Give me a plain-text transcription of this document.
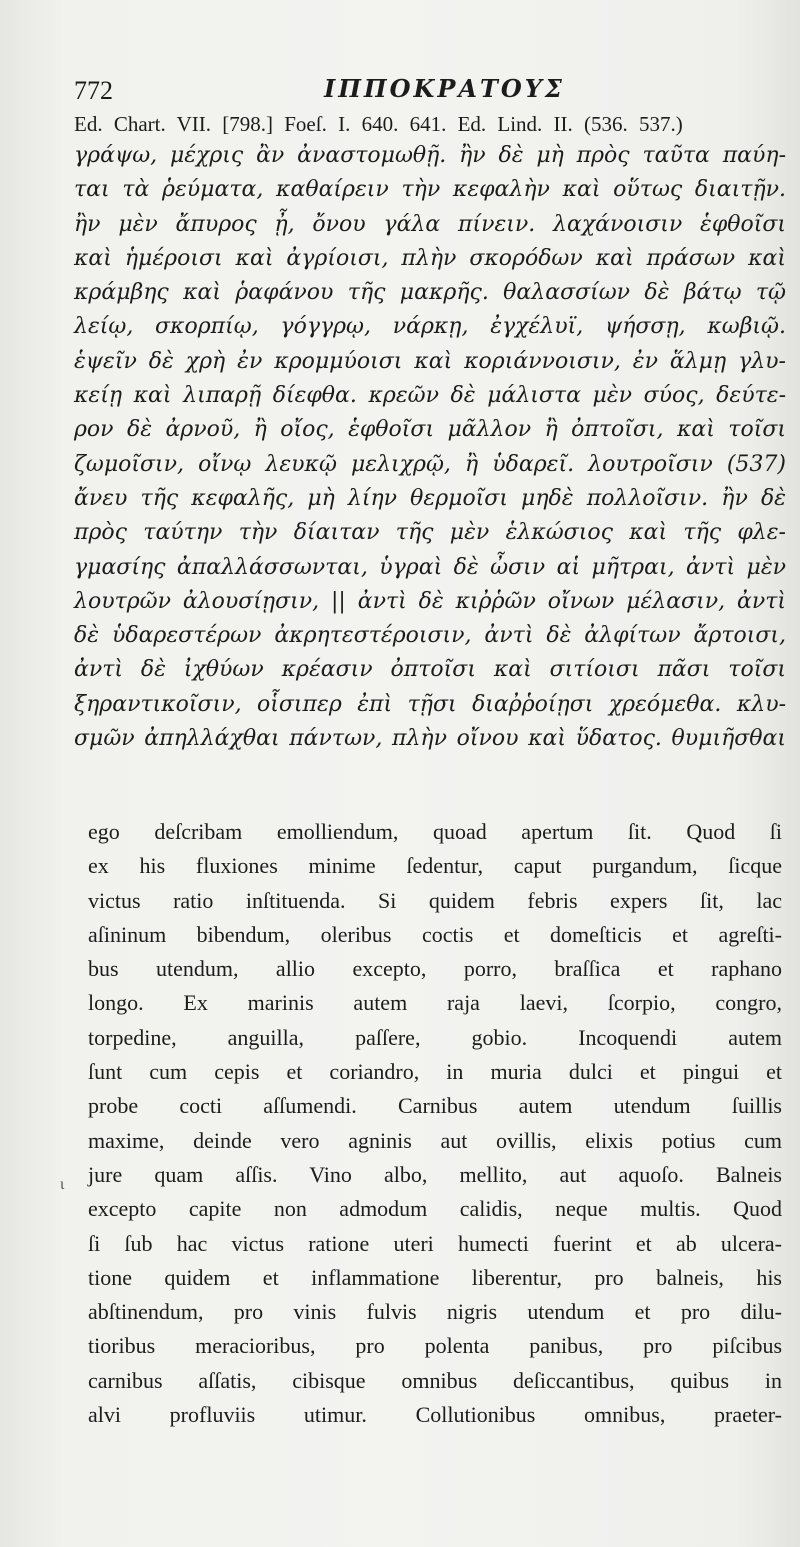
772	ΙΠΠΟΚΡΑΤΟΥΣ
Ed. Chart. VII. [798.] Foeſ. I. 640. 641. Ed. Lind. II. (536. 537.)
γράψω, μέχρις ἂν ἀναστομωθῇ. ἢν δὲ μὴ πρὸς ταῦτα παύη-
ται τὰ ῥεύματα, καθαίρειν τὴν κεφαλὴν καὶ οὕτως διαιτῇν.
ἢν μὲν ἄπυρος ᾖ, ὄνου γάλα πίνειν. λαχάνοισιν ἑφθοῖσι
καὶ ἡμέροισι καὶ ἀγρίοισι, πλὴν σκορόδων καὶ πράσων καὶ
κράμβης καὶ ῥαφάνου τῆς μακρῆς. θαλασσίων δὲ βάτῳ τῷ
λείῳ, σκορπίῳ, γόγγρῳ, νάρκῃ, ἐγχέλυϊ, ψήσσῃ, κωβιῷ.
ἑψεῖν δὲ χρὴ ἐν κρομμύοισι καὶ κοριάννοισιν, ἐν ἅλμῃ γλυ-
κείῃ καὶ λιπαρῇ δίεφθα. κρεῶν δὲ μάλιστα μὲν σύος, δεύτε-
ρον δὲ ἀρνοῦ, ἢ οἴος, ἑφθοῖσι μᾶλλον ἢ ὀπτοῖσι, καὶ τοῖσι
ζωμοῖσιν, οἴνῳ λευκῷ μελιχρῷ, ἢ ὑδαρεῖ. λουτροῖσιν (537)
ἄνευ τῆς κεφαλῆς, μὴ λίην θερμοῖσι μηδὲ πολλοῖσιν. ἢν δὲ
πρὸς ταύτην τὴν δίαιταν τῆς μὲν ἑλκώσιος καὶ τῆς φλε-
γμασίης ἀπαλλάσσωνται, ὑγραὶ δὲ ὦσιν αἱ μῆτραι, ἀντὶ μὲν
λουτρῶν ἀλουσίῃσιν, || ἀντὶ δὲ κιῤῥῶν οἴνων μέλασιν, ἀντὶ
δὲ ὑδαρεστέρων ἀκρητεστέροισιν, ἀντὶ δὲ ἀλφίτων ἄρτοισι,
ἀντὶ δὲ ἰχθύων κρέασιν ὀπτοῖσι καὶ σιτίοισι πᾶσι τοῖσι
ξηραντικοῖσιν, οἷσιπερ ἐπὶ τῇσι διαῤῥοίῃσι χρεόμεθα. κλυ-
σμῶν ἀπηλλάχθαι πάντων, πλὴν οἴνου καὶ ὕδατος. θυμιῆσθαι
ego deſcribam emolliendum, quoad apertum ſit. Quod ſi
ex his fluxiones minime ſedentur, caput purgandum, ſicque
victus ratio inſtituenda. Si quidem febris expers ſit, lac
aſininum bibendum, oleribus coctis et domeſticis et agreſti-
bus utendum, allio excepto, porro, braſſica et raphano
longo. Ex marinis autem raja laevi, ſcorpio, congro,
torpedine, anguilla, paſſere, gobio. Incoquendi autem
ſunt cum cepis et coriandro, in muria dulci et pingui et
probe cocti aſſumendi. Carnibus autem utendum ſuillis
maxime, deinde vero agninis aut ovillis, elixis potius cum
jure quam aſſis. Vino albo, mellito, aut aquoſo. Balneis
excepto capite non admodum calidis, neque multis. Quod
ſi ſub hac victus ratione uteri humecti fuerint et ab ulcera-
tione quidem et inflammatione liberentur, pro balneis, his
abſtinendum, pro vinis fulvis nigris utendum et pro dilu-
tioribus meracioribus, pro polenta panibus, pro piſcibus
carnibus aſſatis, cibisque omnibus deſiccantibus, quibus in
alvi profluviis utimur. Collutionibus omnibus, praeter-
ι
